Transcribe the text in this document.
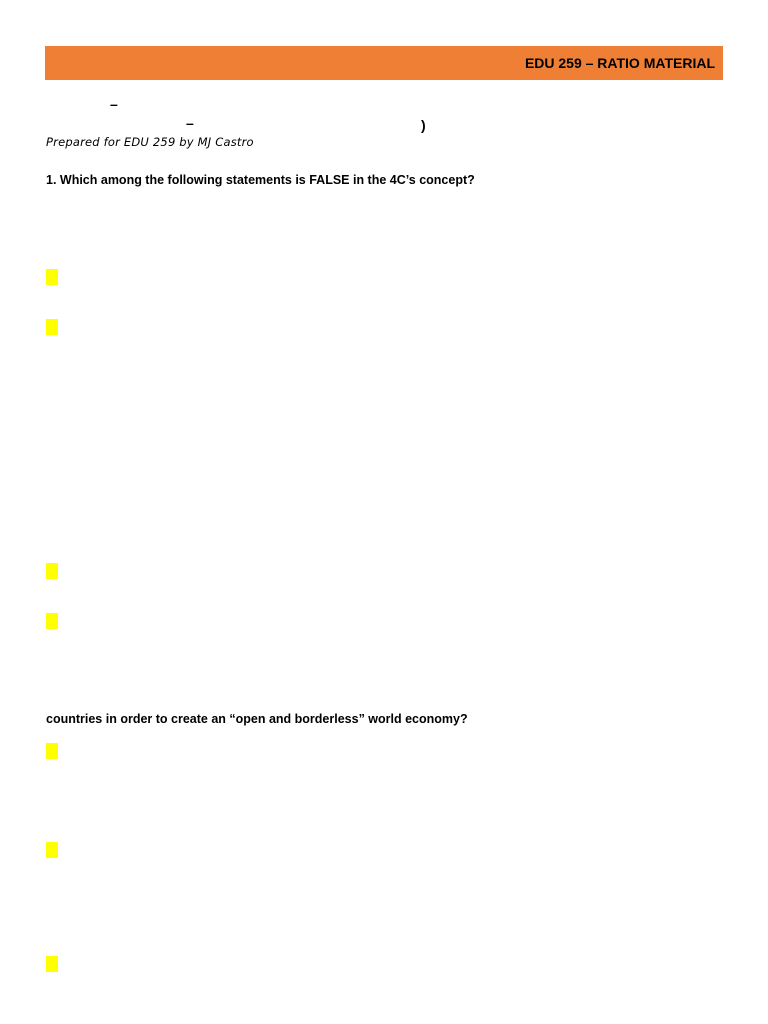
EDU 259 – RATIO MATERIAL
–
–	)
Prepared for EDU 259 by MJ Castro
1. Which among the following statements is FALSE in the 4C’s concept?
countries in order to create an “open and borderless” world economy?
